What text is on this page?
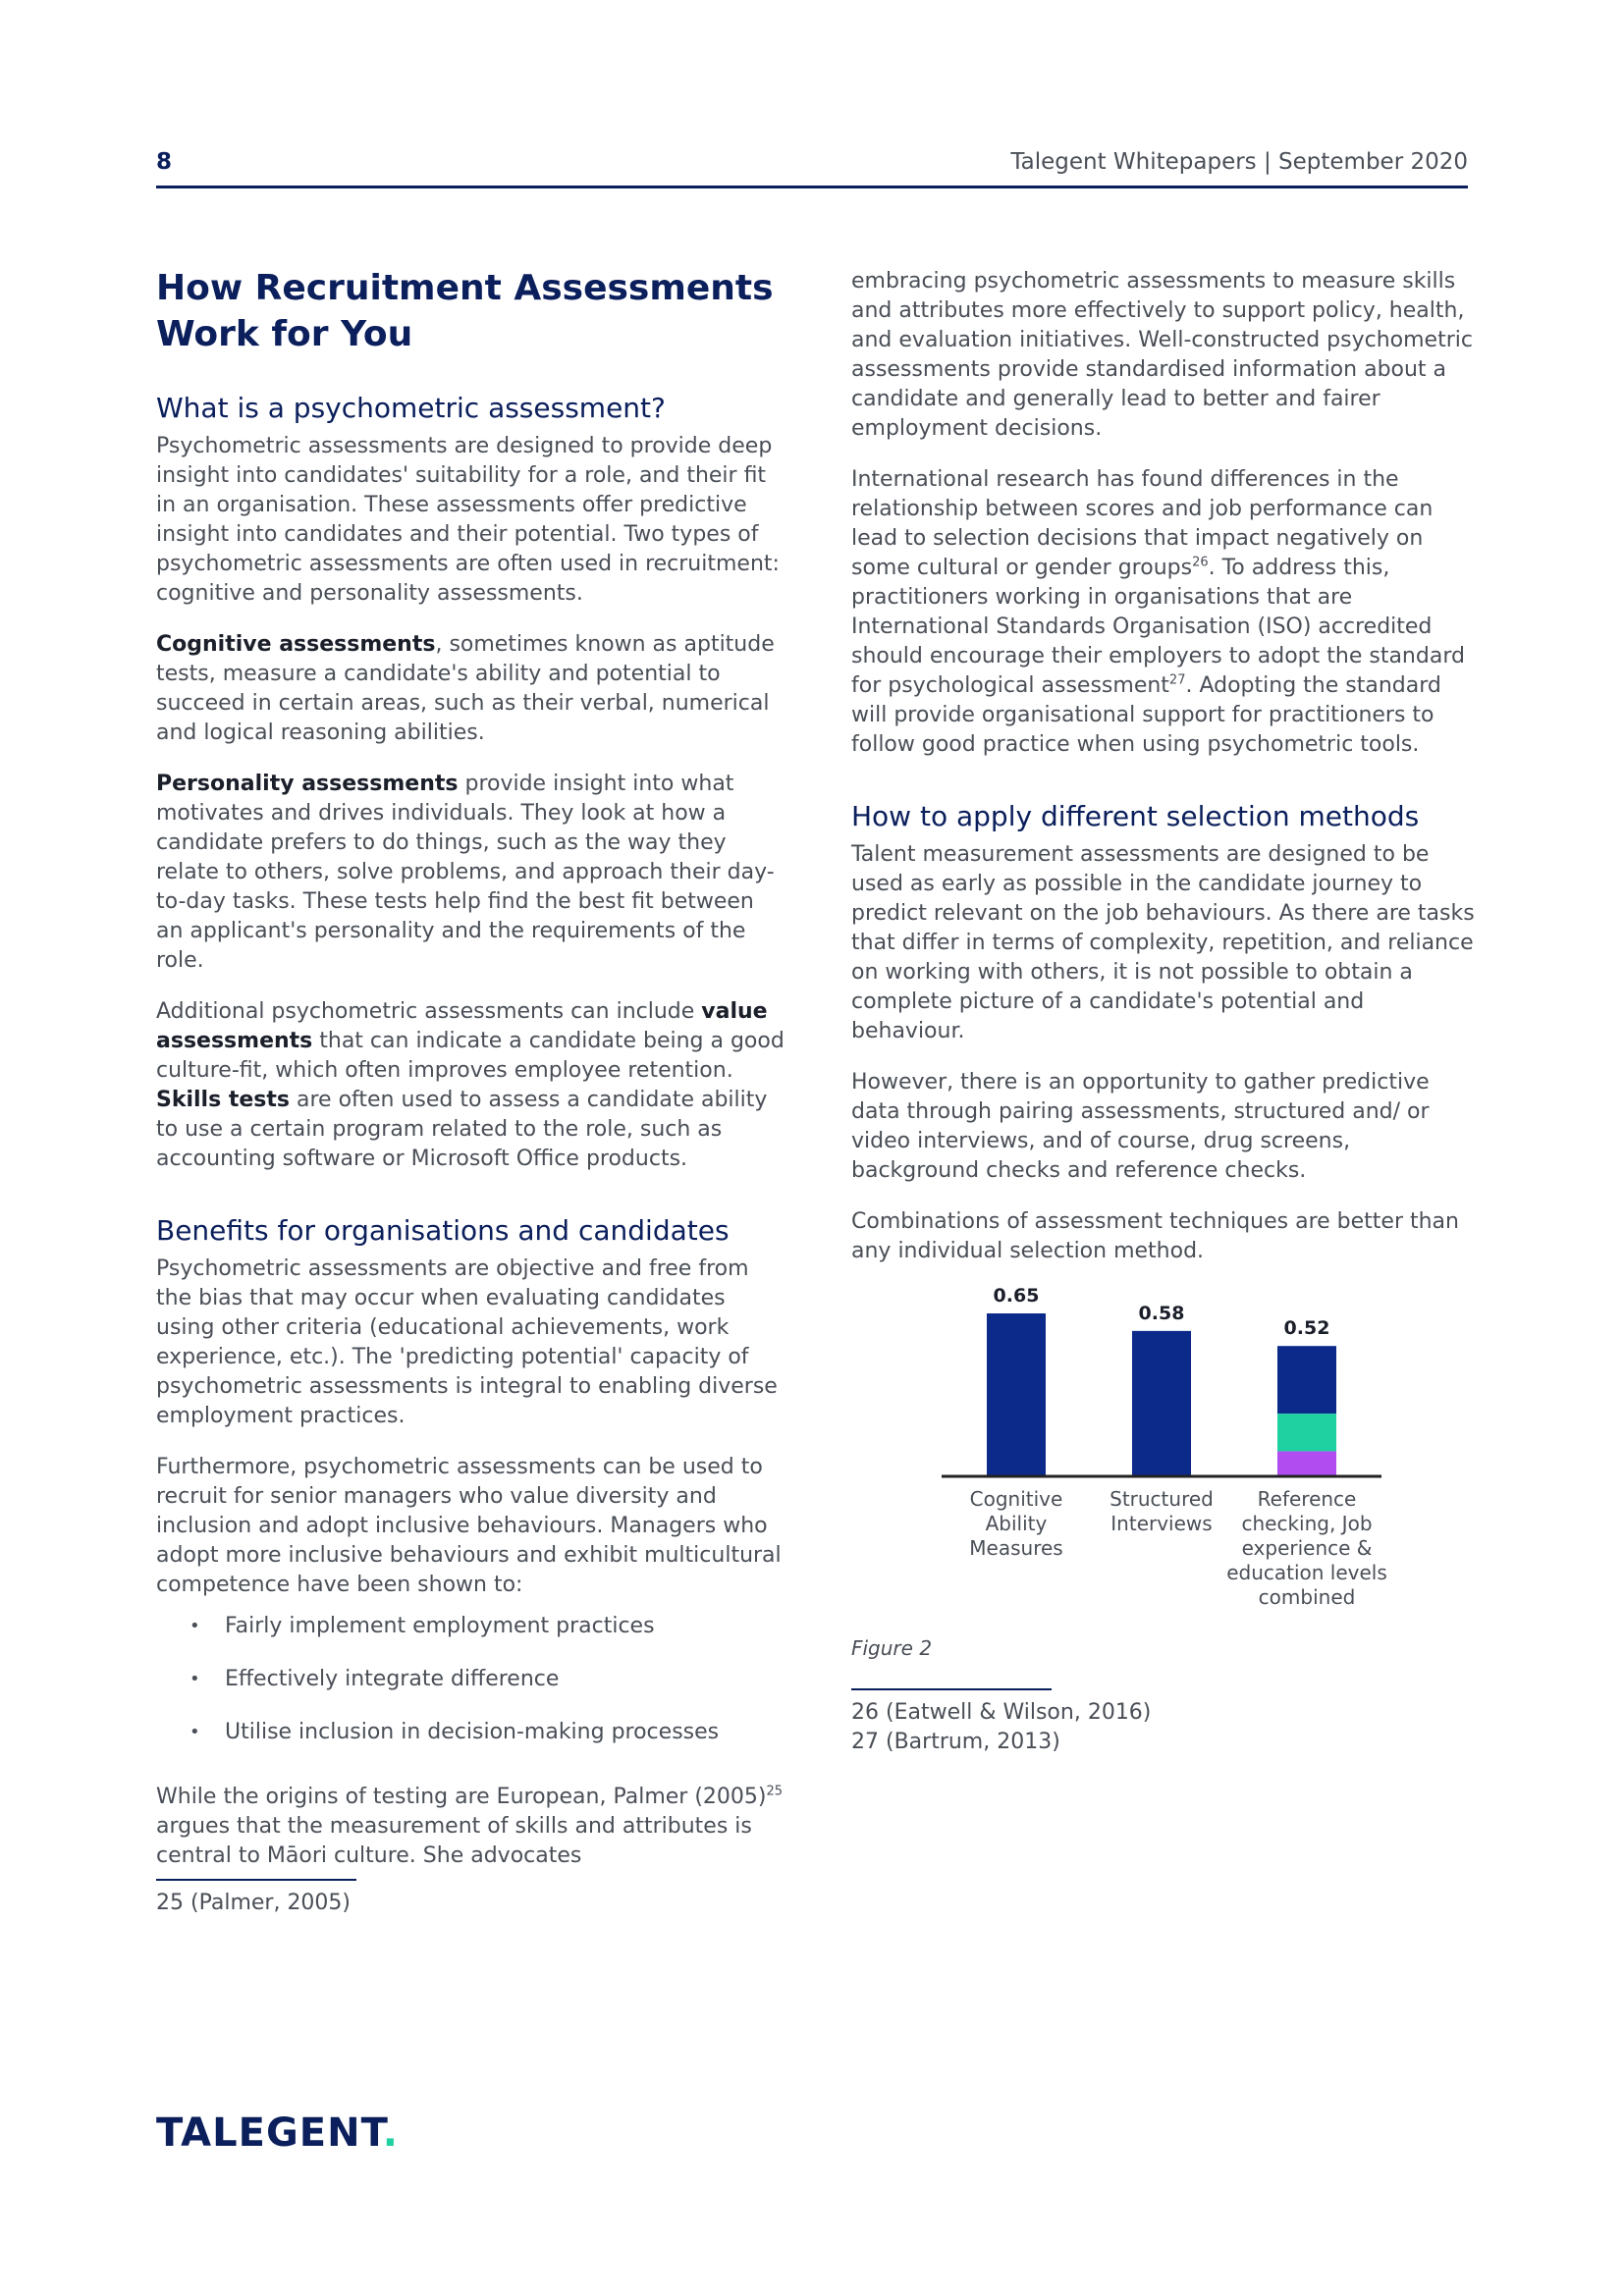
8	Talegent Whitepapers | September 2020
How Recruitment Assessments Work for You
What is a psychometric assessment?

Psychometric assessments are designed to provide deep insight into candidates' suitability for a role, and their fit in an organisation. These assessments offer predictive insight into candidates and their potential. Two types of psychometric assessments are often used in recruitment: cognitive and personality assessments.

Cognitive assessments, sometimes known as aptitude tests, measure a candidate's ability and potential to succeed in certain areas, such as their verbal, numerical and logical reasoning abilities.

Personality assessments provide insight into what motivates and drives individuals. They look at how a candidate prefers to do things, such as the way they relate to others, solve problems, and approach their day-to-day tasks. These tests help find the best fit between an applicant's personality and the requirements of the role.

Additional psychometric assessments can include value assessments that can indicate a candidate being a good culture-fit, which often improves employee retention. Skills tests are often used to assess a candidate ability to use a certain program related to the role, such as accounting software or Microsoft Office products.

Benefits for organisations and candidates

Psychometric assessments are objective and free from the bias that may occur when evaluating candidates using other criteria (educational achievements, work experience, etc.). The 'predicting potential' capacity of psychometric assessments is integral to enabling diverse employment practices.

Furthermore, psychometric assessments can be used to recruit for senior managers who value diversity and inclusion and adopt inclusive behaviours. Managers who adopt more inclusive behaviours and exhibit multicultural competence have been shown to:

• Fairly implement employment practices
• Effectively integrate difference
• Utilise inclusion in decision-making processes

While the origins of testing are European, Palmer $(2005)^{25}$ argues that the measurement of skills and attributes is central to Māori culture. She advocates

25 (Palmer, 2005)

embracing psychometric assessments to measure skills and attributes more effectively to support policy, health, and evaluation initiatives. Well-constructed psychometric assessments provide standardised information about a candidate and generally lead to better and fairer employment decisions.

International research has found differences in the relationship between scores and job performance can lead to selection decisions that impact negatively on some cultural or gender groups$^{26}$. To address this, practitioners working in organisations that are International Standards Organisation (ISO) accredited should encourage their employers to adopt the standard for psychological assessment$^{27}$. Adopting the standard will provide organisational support for practitioners to follow good practice when using psychometric tools.

How to apply different selection methods

Talent measurement assessments are designed to be used as early as possible in the candidate journey to predict relevant on the job behaviours. As there are tasks that differ in terms of complexity, repetition, and reliance on working with others, it is not possible to obtain a complete picture of a candidate's potential and behaviour.

However, there is an opportunity to gather predictive data through pairing assessments, structured and/ or video interviews, and of course, drug screens, background checks and reference checks.

Combinations of assessment techniques are better than any individual selection method.

0.65
Cognitive
Ability
Measures
0.58
Structured
Interviews
0.52
Reference
checking, Job
experience &
education levels
combined

Figure 2

26 (Eatwell & Wilson, 2016)

27 (Bartrum, 2013)

TALEGENT.
